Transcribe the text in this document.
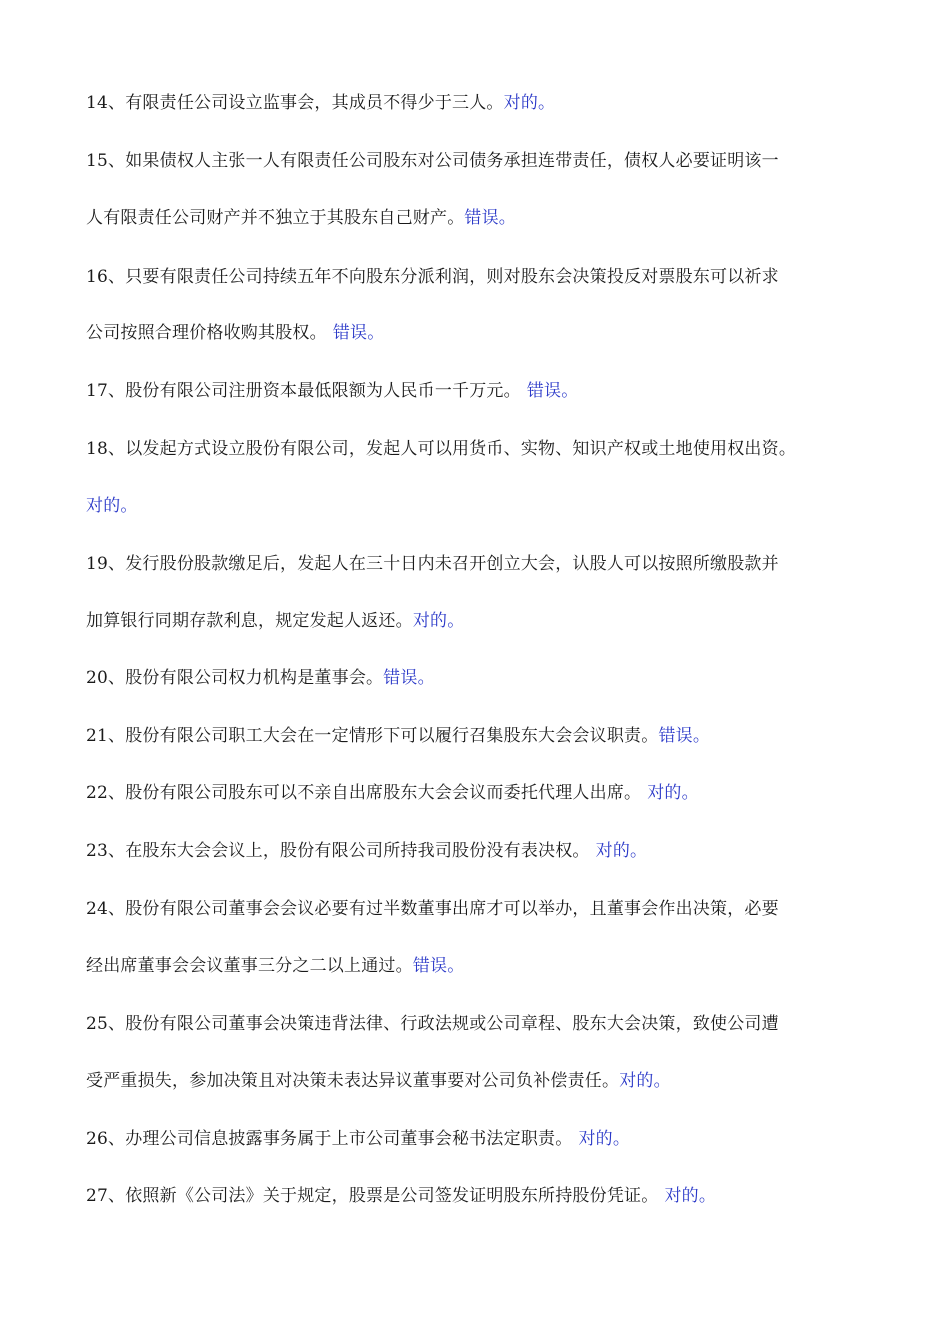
14、有限责任公司设立监事会，其成员不得少于三人。对的。
15、如果债权人主张一人有限责任公司股东对公司债务承担连带责任，债权人必要证明该一
人有限责任公司财产并不独立于其股东自己财产。错误。
16、只要有限责任公司持续五年不向股东分派利润，则对股东会决策投反对票股东可以祈求
公司按照合理价格收购其股权。 错误。
17、股份有限公司注册资本最低限额为人民币一千万元。 错误。
18、以发起方式设立股份有限公司，发起人可以用货币、实物、知识产权或土地使用权出资。
对的。
19、发行股份股款缴足后，发起人在三十日内未召开创立大会，认股人可以按照所缴股款并
加算银行同期存款利息，规定发起人返还。对的。
20、股份有限公司权力机构是董事会。错误。
21、股份有限公司职工大会在一定情形下可以履行召集股东大会会议职责。错误。
22、股份有限公司股东可以不亲自出席股东大会会议而委托代理人出席。 对的。
23、在股东大会会议上，股份有限公司所持我司股份没有表决权。 对的。
24、股份有限公司董事会会议必要有过半数董事出席才可以举办，且董事会作出决策，必要
经出席董事会会议董事三分之二以上通过。错误。
25、股份有限公司董事会决策违背法律、行政法规或公司章程、股东大会决策，致使公司遭
受严重损失，参加决策且对决策未表达异议董事要对公司负补偿责任。对的。
26、办理公司信息披露事务属于上市公司董事会秘书法定职责。 对的。
27、依照新《公司法》关于规定，股票是公司签发证明股东所持股份凭证。 对的。
